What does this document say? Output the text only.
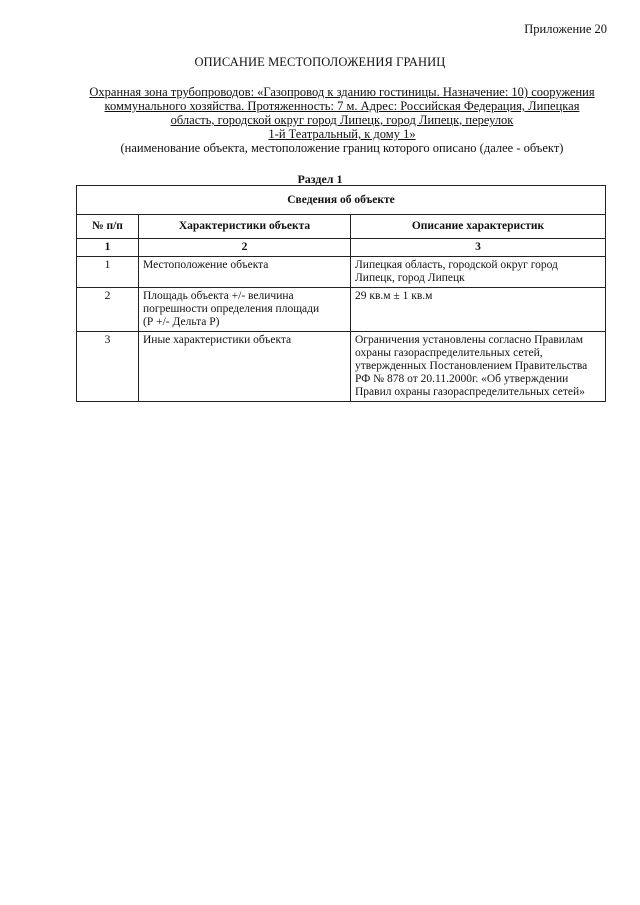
Приложение 20
ОПИСАНИЕ МЕСТОПОЛОЖЕНИЯ ГРАНИЦ
Охранная зона трубопроводов: «Газопровод к зданию гостиницы. Назначение: 10) сооружения
коммунального хозяйства. Протяженность: 7 м. Адрес: Российская Федерация, Липецкая
область, городской округ город Липецк, город Липецк, переулок
1-й Театральный, к дому 1»
(наименование объекта, местоположение границ которого описано (далее - объект)
Раздел 1
Сведения об объекте		
№ п/п	Характеристики объекта	Описание характеристик
1	2	3
1	Местоположение объекта	Липецкая область, городской округ город
Липецк, город Липецк

2	Площадь объекта +/- величина
погрешности определения площади
(Р +/- Дельта Р)	29 кв.м ± 1 кв.м

3	Иные характеристики объекта	Ограничения установлены согласно Правилам
охраны газораспределительных сетей,
утвержденных Постановлением Правительства
РФ № 878 от 20.11.2000г. «Об утверждении
Правил охраны газораспределительных сетей»
